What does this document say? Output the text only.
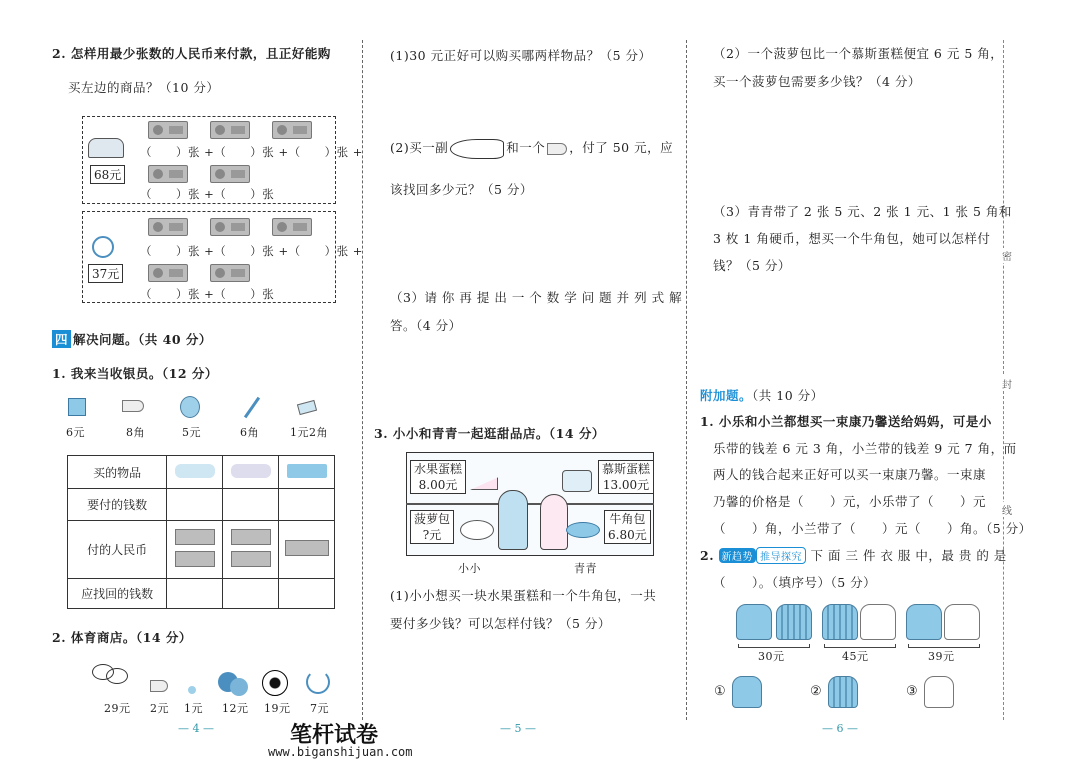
2. 怎样用最少张数的人民币来付款，且正好能购
买左边的商品？（10 分）
68元
（　　）张 +（　　）张 +（　　）张 +
（　　）张 +（　　）张
37元
（　　）张 +（　　）张 +（　　）张 +
（　　）张 +（　　）张
四 解决问题。（共 40 分）
1. 我来当收银员。（12 分）
6元	8角	5元	6角	1元2角
买的物品			
要付的钱数			
付的人民币	

应找回的钱数			
2. 体育商店。（14 分）
29元 2元 1元 12元 19元 7元
— 4 —
(1)30 元正好可以购买哪两样物品？（5 分）
(2)买一副	和一个 ，付了 50 元，应
该找回多少元？（5 分）
（3）请 你 再 提 出 一 个 数 学 问 题 并 列 式 解
答。（4 分）
3. 小小和青青一起逛甜品店。（14 分）
水果蛋糕
8.00元
慕斯蛋糕
13.00元
菠萝包
?元
牛角包
6.80元
小小	青青
(1)小小想买一块水果蛋糕和一个牛角包，一共
要付多少钱？可以怎样付钱？（5 分）
— 5 —
（2）一个菠萝包比一个慕斯蛋糕便宜 6 元 5 角，
买一个菠萝包需要多少钱？（4 分）
（3）青青带了 2 张 5 元、2 张 1 元、1 张 5 角和
3 枚 1 角硬币，想买一个牛角包，她可以怎样付
钱？（5 分）
附加题。（共 10 分）
1. 小乐和小兰都想买一束康乃馨送给妈妈，可是小
乐带的钱差 6 元 3 角，小兰带的钱差 9 元 7 角，而
两人的钱合起来正好可以买一束康乃馨。一束康
乃馨的价格是（　　）元，小乐带了（　　）元
（　　）角，小兰带了（　　）元（　　）角。（5 分）
2. 新趋势 推导探究 下 面 三 件 衣 服 中，最 贵 的 是
（　　）。（填序号）（5 分）
30元	45元	39元
①	②	③
— 6 —
密
封
线
笔杆试卷
www.biganshijuan.com
